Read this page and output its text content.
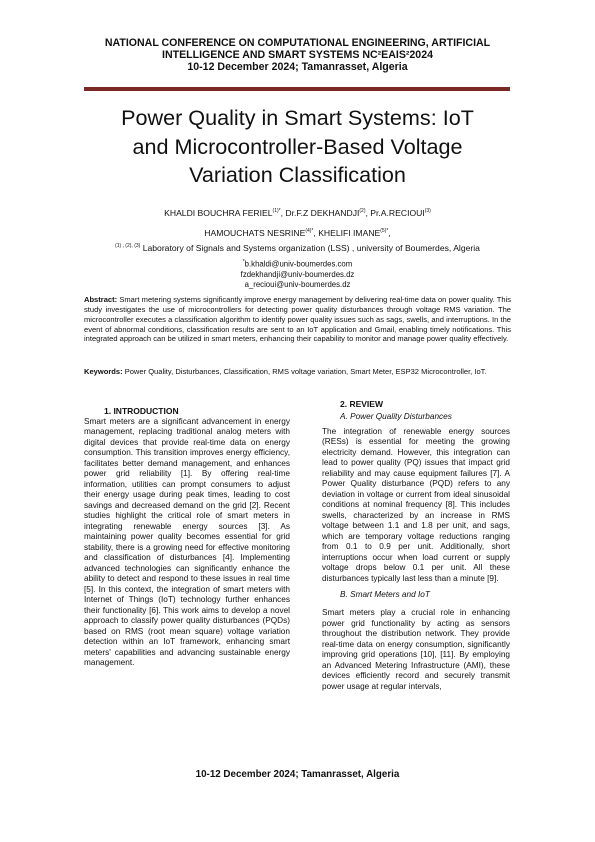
NATIONAL CONFERENCE ON COMPUTATIONAL ENGINEERING, ARTIFICIAL
INTELLIGENCE AND SMART SYSTEMS NC²EAIS²2024
10-12 December 2024; Tamanrasset, Algeria
Power Quality in Smart Systems: IoT
and Microcontroller-Based Voltage
Variation Classification
KHALDI BOUCHRA $FERIEL^{(1)*}$, Dr.F.Z DEKHANDJI$^{(2)}$, Pr.A.RECIOUI$^{(3)}$
HAMOUCHATS $NESRINE^{(4)*}$, KHELIFI $IMANE^{(5)*}$,
$^{(1) , (2), (3)}$ Laboratory of Signals and Systems organization (LSS) , university of Boumerdes, Algeria
*b.khaldi@univ-boumerdes.com
fzdekhandji@univ-boumerdes.dz
a_recioui@univ-boumerdes.dz
Abstract: Smart metering systems significantly improve energy management by delivering real-time data on power quality. This study investigates the use of microcontrollers for detecting power quality disturbances through voltage RMS variation. The microcontroller executes a classification algorithm to identify power quality issues such as sags, swells, and interruptions. In the event of abnormal conditions, classification results are sent to an IoT application and Gmail, enabling timely notifications. This integrated approach can be utilized in smart meters, enhancing their capability to monitor and manage power quality effectively.
Keywords: Power Quality, Disturbances, Classification, RMS voltage variation, Smart Meter, ESP32 Microcontroller, IoT.
1. INTRODUCTION

Smart meters are a significant advancement in energy management, replacing traditional analog meters with digital devices that provide real-time data on energy consumption. This transition improves energy efficiency, facilitates better demand management, and enhances power grid reliability [1]. By offering real-time information, utilities can prompt consumers to adjust their energy usage during peak times, leading to cost savings and decreased demand on the grid [2]. Recent studies highlight the critical role of smart meters in integrating renewable energy sources [3]. As maintaining power quality becomes essential for grid stability, there is a growing need for effective monitoring and classification of disturbances [4]. Implementing advanced technologies can significantly enhance the ability to detect and respond to these issues in real time [5]. In this context, the integration of smart meters with Internet of Things (IoT) technology further enhances their functionality [6]. This work aims to develop a novel approach to classify power quality disturbances (PQDs) based on RMS (root mean square) voltage variation detection within an IoT framework, enhancing smart meters' capabilities and advancing sustainable energy management.

2. REVIEW
A. Power Quality Disturbances

The integration of renewable energy sources (RESs) is essential for meeting the growing electricity demand. However, this integration can lead to power quality (PQ) issues that impact grid reliability and may cause equipment failures [7]. A Power Quality disturbance (PQD) refers to any deviation in voltage or current from ideal sinusoidal conditions at nominal frequency [8]. This includes swells, characterized by an increase in RMS voltage between 1.1 and 1.8 per unit, and sags, which are temporary voltage reductions ranging from 0.1 to 0.9 per unit. Additionally, short interruptions occur when load current or supply voltage drops below 0.1 per unit. All these disturbances typically last less than a minute [9].

B. Smart Meters and IoT

Smart meters play a crucial role in enhancing power grid functionality by acting as sensors throughout the distribution network. They provide real-time data on energy consumption, significantly improving grid operations [10], [11]. By employing an Advanced Metering Infrastructure (AMI), these devices efficiently record and securely transmit power usage at regular intervals,

10-12 December 2024; Tamanrasset, Algeria
